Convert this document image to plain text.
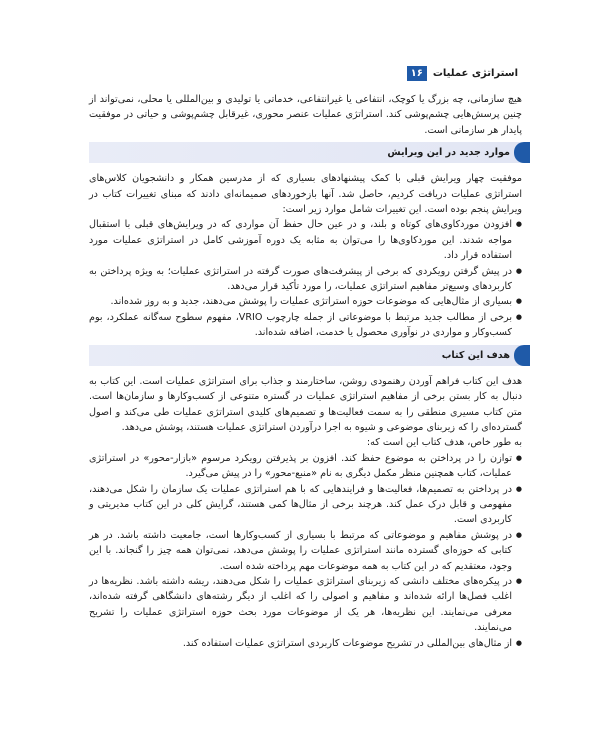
۱۶	استراتژی عملیات

هیچ سازمانی، چه بزرگ یا کوچک، انتفاعی یا غیرانتفاعی، خدماتی یا تولیدی و بین‌المللی یا محلی، نمی‌تواند از چنین پرسش‌هایی چشم‌پوشی کند. استراتژی عملیات عنصر محوری، غیرقابل چشم‌پوشی و حیاتی در موفقیت پایدار هر سازمانی است.

موارد جدید در این ویرایش

موفقیت چهار ویرایش قبلی با کمک پیشنهادهای بسیاری که از مدرسین همکار و دانشجویان کلاس‌های استراتژی عملیات دریافت کردیم، حاصل شد. آنها بازخوردهای صمیمانه‌ای دادند که مبنای تغییرات کتاب در ویرایش پنجم بوده است. این تغییرات شامل موارد زیر است:

● افزودن موردکاوی‌های کوتاه و بلند، و در عین حال حفظ آن مواردی که در ویرایش‌های قبلی با استقبال مواجه شدند. این موردکاوی‌ها را می‌توان به مثابه یک دوره آموزشی کامل در استراتژی عملیات مورد استفاده قرار داد.
● در پیش گرفتن رویکردی که برخی از پیشرفت‌های صورت گرفته در استراتژی عملیات؛ به ویژه پرداختن به کاربردهای وسیع‌تر مفاهیم استراتژی عملیات، را مورد تأکید قرار می‌دهد.
● بسیاری از مثال‌هایی که موضوعات حوزه استراتژی عملیات را پوشش می‌دهند، جدید و به روز شده‌اند.
● برخی از مطالب جدید مرتبط با موضوعاتی از جمله چارچوب VRIO، مفهوم سطوح سه‌گانه عملکرد، بوم کسب‌وکار و مواردی در نوآوری محصول یا خدمت، اضافه شده‌اند.
هدف این کتاب

هدف این کتاب فراهم آوردن رهنمودی روشن، ساختارمند و جذاب برای استراتژی عملیات است. این کتاب به دنبال به کار بستن برخی از مفاهیم استراتژی عملیات در گستره متنوعی از کسب‌وکارها و سازمان‌ها است. متن کتاب مسیری منطقی را به سمت فعالیت‌ها و تصمیم‌های کلیدی استراتژی عملیات طی می‌کند و اصول گسترده‌ای را که زیربنای موضوعی و شیوه به اجرا درآوردن استراتژی عملیات هستند، پوشش می‌دهد.

به طور خاص، هدف کتاب این است که:

● توازن را در پرداختن به موضوع حفظ کند. افزون بر پذیرفتن رویکرد مرسوم «بازار-محور» در استراتژی عملیات، کتاب همچنین منظر مکمل دیگری به نام «منبع-محور» را در پیش می‌گیرد.
● در پرداختن به تصمیم‌ها، فعالیت‌ها و فرایندهایی که با هم استراتژی عملیات یک سازمان را شکل می‌دهند، مفهومی و قابل درک عمل کند. هرچند برخی از مثال‌ها کمی هستند، گرایش کلی در این کتاب مدیریتی و کاربردی است.
● در پوشش مفاهیم و موضوعاتی که مرتبط با بسیاری از کسب‌وکارها است، جامعیت داشته باشد. در هر کتابی که حوزه‌ای گسترده مانند استراتژی عملیات را پوشش می‌دهد، نمی‌توان همه چیز را گنجاند. با این وجود، معتقدیم که در این کتاب به همه موضوعات مهم پرداخته شده است.
● در پیکره‌های مختلف دانشی که زیربنای استراتژی عملیات را شکل می‌دهند، ریشه داشته باشد. نظریه‌ها در اغلب فصل‌ها ارائه شده‌اند و مفاهیم و اصولی را که اغلب از دیگر رشته‌های دانشگاهی گرفته شده‌اند، معرفی می‌نمایند. این نظریه‌ها، هر یک از موضوعات مورد بحث حوزه استراتژی عملیات را تشریح می‌نمایند.
● از مثال‌های بین‌المللی در تشریح موضوعات کاربردی استراتژی عملیات استفاده کند.
